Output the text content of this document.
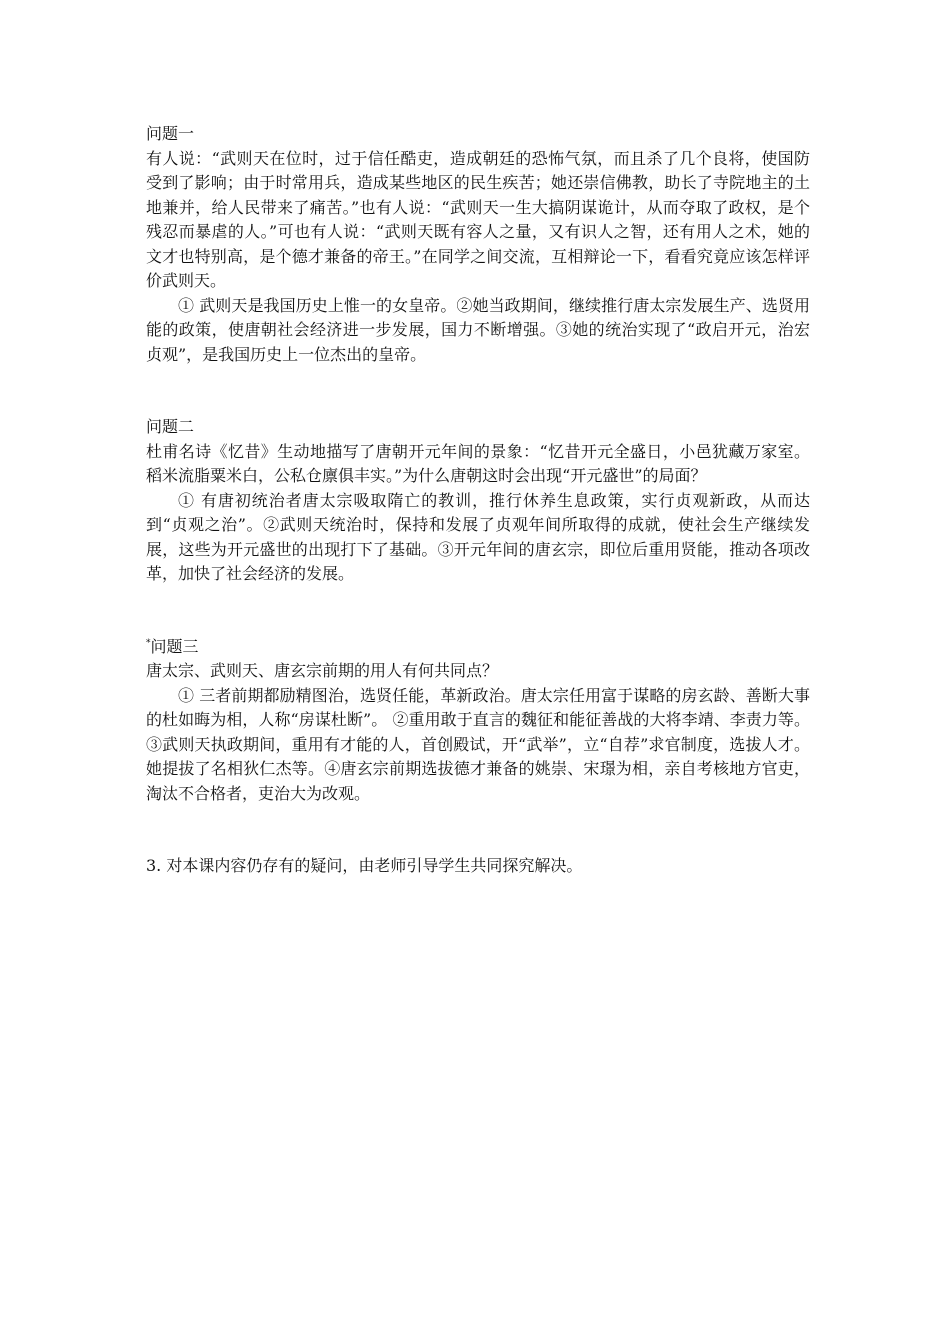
问题一

有人说：“武则天在位时，过于信任酷吏，造成朝廷的恐怖气氛，而且杀了几个良将，使国防受到了影响；由于时常用兵，造成某些地区的民生疾苦；她还崇信佛教，助长了寺院地主的土地兼并，给人民带来了痛苦。”也有人说：“武则天一生大搞阴谋诡计，从而夺取了政权，是个残忍而暴虐的人。”可也有人说：“武则天既有容人之量，又有识人之智，还有用人之术，她的文才也特别高，是个德才兼备的帝王。”在同学之间交流，互相辩论一下，看看究竟应该怎样评价武则天。

① 武则天是我国历史上惟一的女皇帝。②她当政期间，继续推行唐太宗发展生产、选贤用能的政策，使唐朝社会经济进一步发展，国力不断增强。③她的统治实现了“政启开元，治宏贞观”，是我国历史上一位杰出的皇帝。

问题二

杜甫名诗《忆昔》生动地描写了唐朝开元年间的景象：“忆昔开元全盛日，小邑犹藏万家室。稻米流脂粟米白，公私仓廪俱丰实。”为什么唐朝这时会出现“开元盛世”的局面？

① 有唐初统治者唐太宗吸取隋亡的教训，推行休养生息政策，实行贞观新政，从而达到“贞观之治”。②武则天统治时，保持和发展了贞观年间所取得的成就，使社会生产继续发展，这些为开元盛世的出现打下了基础。③开元年间的唐玄宗，即位后重用贤能，推动各项改革，加快了社会经济的发展。

*问题三

唐太宗、武则天、唐玄宗前期的用人有何共同点？

① 三者前期都励精图治，选贤任能，革新政治。唐太宗任用富于谋略的房玄龄、善断大事的杜如晦为相，人称“房谋杜断”。 ②重用敢于直言的魏征和能征善战的大将李靖、李责力等。③武则天执政期间，重用有才能的人，首创殿试，开“武举”，立“自荐”求官制度，选拔人才。她提拔了名相狄仁杰等。④唐玄宗前期选拔德才兼备的姚崇、宋璟为相，亲自考核地方官吏，淘汰不合格者，吏治大为改观。

3. 对本课内容仍存有的疑问，由老师引导学生共同探究解决。
